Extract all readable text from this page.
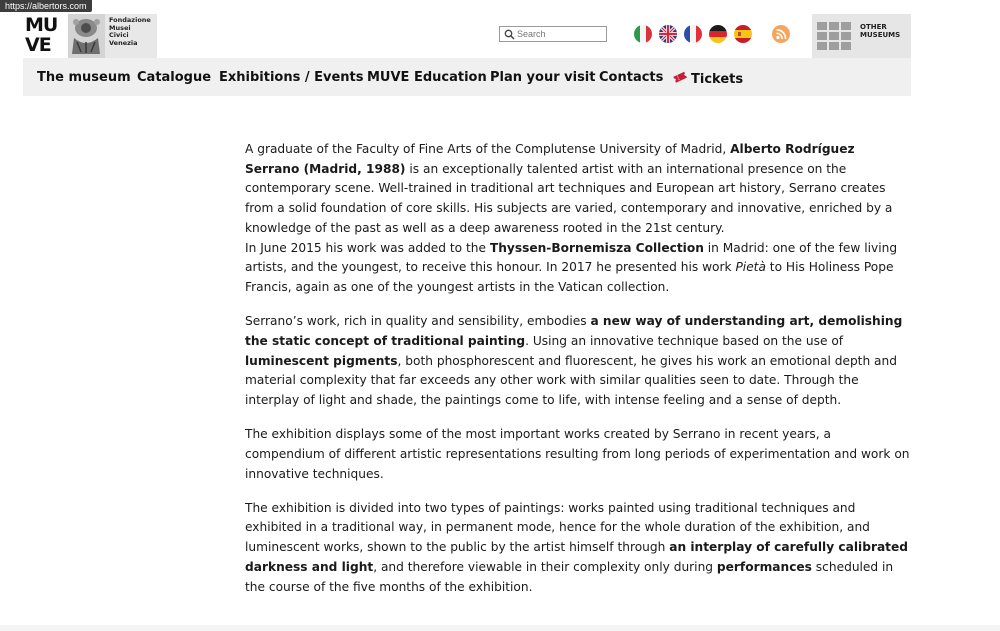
https://albertors.com
MU
VE
Fondazione
Musei
Civici
Venezia
Search
OTHER
MUSEUMS
The museum Catalogue Exhibitions / Events MUVE Education Plan your visit Contacts Tickets

A graduate of the Faculty of Fine Arts of the Complutense University of Madrid, Alberto Rodríguez Serrano (Madrid, 1988) is an exceptionally talented artist with an international presence on the contemporary scene. Well-trained in traditional art techniques and European art history, Serrano creates from a solid foundation of core skills. His subjects are varied, contemporary and innovative, enriched by a knowledge of the past as well as a deep awareness rooted in the 21st century.
In June 2015 his work was added to the Thyssen-Bornemisza Collection in Madrid: one of the few living artists, and the youngest, to receive this honour. In 2017 he presented his work Pietà to His Holiness Pope Francis, again as one of the youngest artists in the Vatican collection.

Serrano’s work, rich in quality and sensibility, embodies a new way of understanding art, demolishing the static concept of traditional painting. Using an innovative technique based on the use of luminescent pigments, both phosphorescent and fluorescent, he gives his work an emotional depth and material complexity that far exceeds any other work with similar qualities seen to date. Through the interplay of light and shade, the paintings come to life, with intense feeling and a sense of depth.

The exhibition displays some of the most important works created by Serrano in recent years, a compendium of different artistic representations resulting from long periods of experimentation and work on innovative techniques.

The exhibition is divided into two types of paintings: works painted using traditional techniques and exhibited in a traditional way, in permanent mode, hence for the whole duration of the exhibition, and luminescent works, shown to the public by the artist himself through an interplay of carefully calibrated darkness and light, and therefore viewable in their complexity only during performances scheduled in the course of the five months of the exhibition.
